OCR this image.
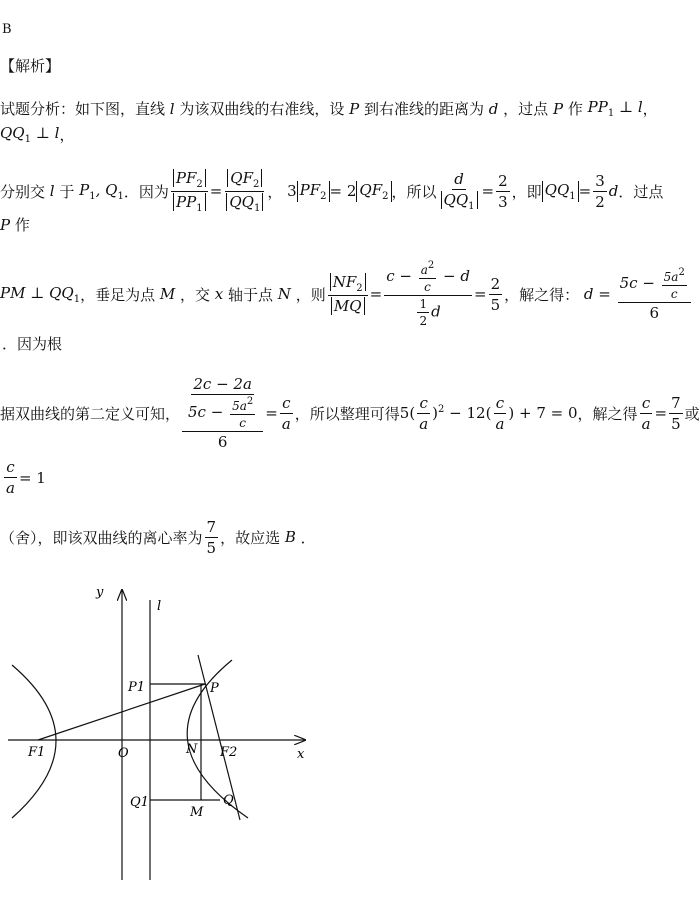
B
【解析】
试题分析：如下图，直线 l 为该双曲线的右准线，设 P 到右准线的距离为 d ，过点 P 作 $PP_1$ ⊥ l ，
$QQ_1$ ⊥ l ，
分别交 l 于 $P_1$, $Q_1$ ．因为 $\frac{PF_2}{PP_1} = \frac{QF_2}{QQ_1}$ ， 3 $PF_2 = 2$ $QF_2$ ，所以 $\frac{d}{QQ_1} = \frac{2}{3}$ ，即 $QQ_1 = \frac{3}{2}$ d ．过点
P 作
PM ⊥ $QQ_1$ ，垂足为点 M ，交 x 轴于点 N ，则 $\frac{NF_2}{MQ} = \frac{c - \frac{a^2}{c} - d}{\frac{1}{2} d} = \frac{2}{5}$ ，解之得： $d = \frac{5c - \frac{5a^2}{c}}{6}$
．因为根
据双曲线的第二定义可知， $\frac{\frac{2c - 2a}{5c - \frac{5a^2}{c}}}{6} = \frac{c}{a}$ ，所以整理可得 $5( \frac{c}{a} )^2 - 12( \frac{c}{a}$ ) + 7 = 0 ，解之得 $\frac{c}{a} = \frac{7}{5}$ 或
$\frac{c}{a} = 1$
（舍），即该双曲线的离心率为 $\frac{7}{5}$ ，故应选 B ．
y
l
x
O
F1	F2
N
P
P1
Q
Q1
M
